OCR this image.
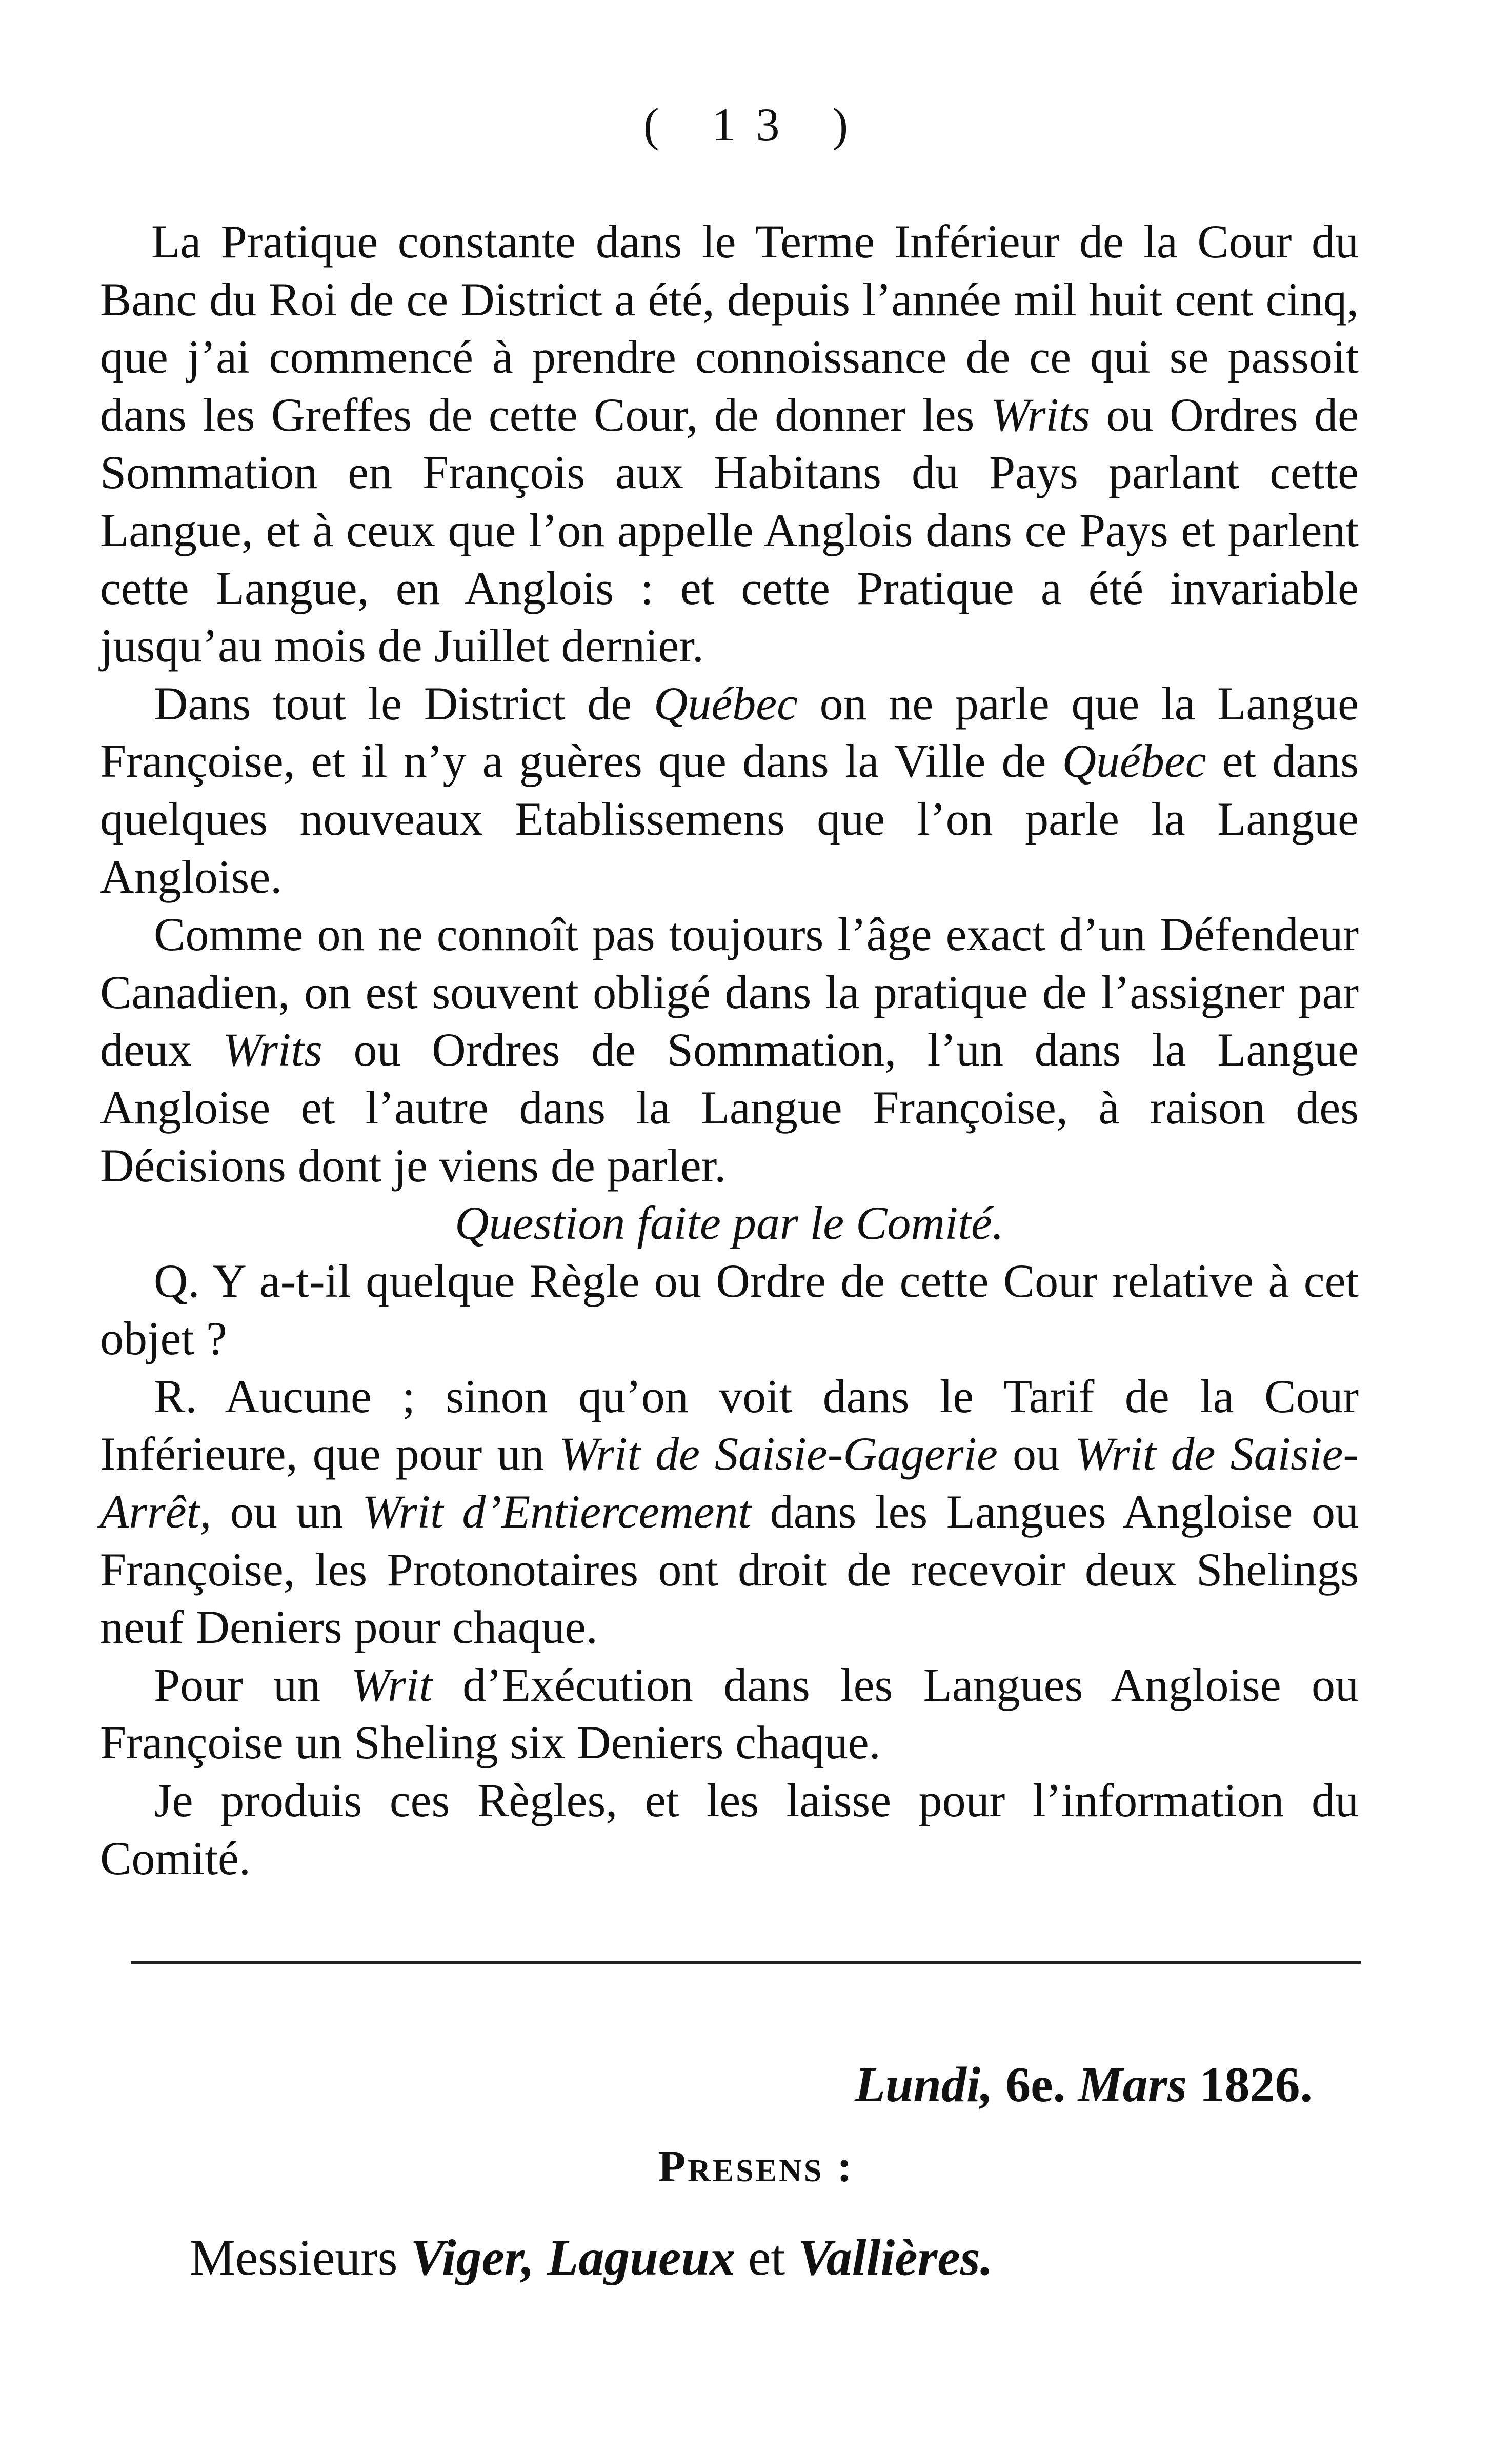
( 13 )

La Pratique constante dans le Terme Inférieur de la Cour du Banc du Roi de ce District a été, depuis l’année mil huit cent cinq, que j’ai commencé à prendre connoissance de ce qui se passoit dans les Greffes de cette Cour, de donner les Writs ou Ordres de Sommation en François aux Habitans du Pays parlant cette Langue, et à ceux que l’on appelle Anglois dans ce Pays et parlent cette Langue, en Anglois : et cette Pratique a été invariable jusqu’au mois de Juillet dernier.

Dans tout le District de Québec on ne parle que la Langue Françoise, et il n’y a guères que dans la Ville de Québec et dans quelques nouveaux Etablissemens que l’on parle la Langue Angloise.

Comme on ne connoît pas toujours l’âge exact d’un Défendeur Canadien, on est souvent obligé dans la pratique de l’assigner par deux Writs ou Ordres de Sommation, l’un dans la Langue Angloise et l’autre dans la Langue Françoise, à raison des Décisions dont je viens de parler.

Question faite par le Comité.

Q. Y a-t-il quelque Règle ou Ordre de cette Cour relative à cet objet ?

R. Aucune ; sinon qu’on voit dans le Tarif de la Cour Inférieure, que pour un Writ de Saisie-Gagerie ou Writ de Saisie-Arrêt, ou un Writ d’Entiercement dans les Langues Angloise ou Françoise, les Protonotaires ont droit de recevoir deux Shelings neuf Deniers pour chaque.

Pour un Writ d’Exécution dans les Langues Angloise ou Françoise un Sheling six Deniers chaque.

Je produis ces Règles, et les laisse pour l’information du Comité.

Lundi, 6e. Mars 1826.
Presens :
Messieurs Viger, Lagueux et Vallières.
